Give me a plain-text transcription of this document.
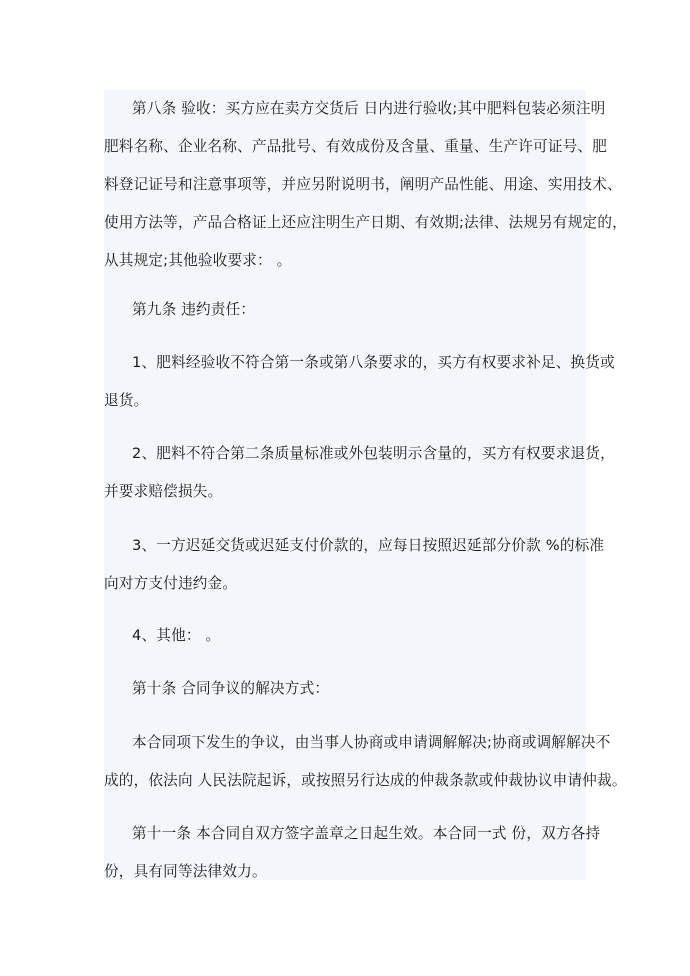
第八条 验收：买方应在卖方交货后 日内进行验收;其中肥料包装必须注明
肥料名称、企业名称、产品批号、有效成份及含量、重量、生产许可证号、肥
料登记证号和注意事项等，并应另附说明书，阐明产品性能、用途、实用技术、
使用方法等，产品合格证上还应注明生产日期、有效期;法律、法规另有规定的，
从其规定;其他验收要求： 。
第九条 违约责任：
1、肥料经验收不符合第一条或第八条要求的，买方有权要求补足、换货或
退货。
2、肥料不符合第二条质量标准或外包装明示含量的，买方有权要求退货，
并要求赔偿损失。
3、一方迟延交货或迟延支付价款的，应每日按照迟延部分价款 %的标准
向对方支付违约金。
4、其他： 。
第十条 合同争议的解决方式：
本合同项下发生的争议，由当事人协商或申请调解解决;协商或调解解决不
成的，依法向 人民法院起诉，或按照另行达成的仲裁条款或仲裁协议申请仲裁。
第十一条 本合同自双方签字盖章之日起生效。本合同一式 份，双方各持
份，具有同等法律效力。
